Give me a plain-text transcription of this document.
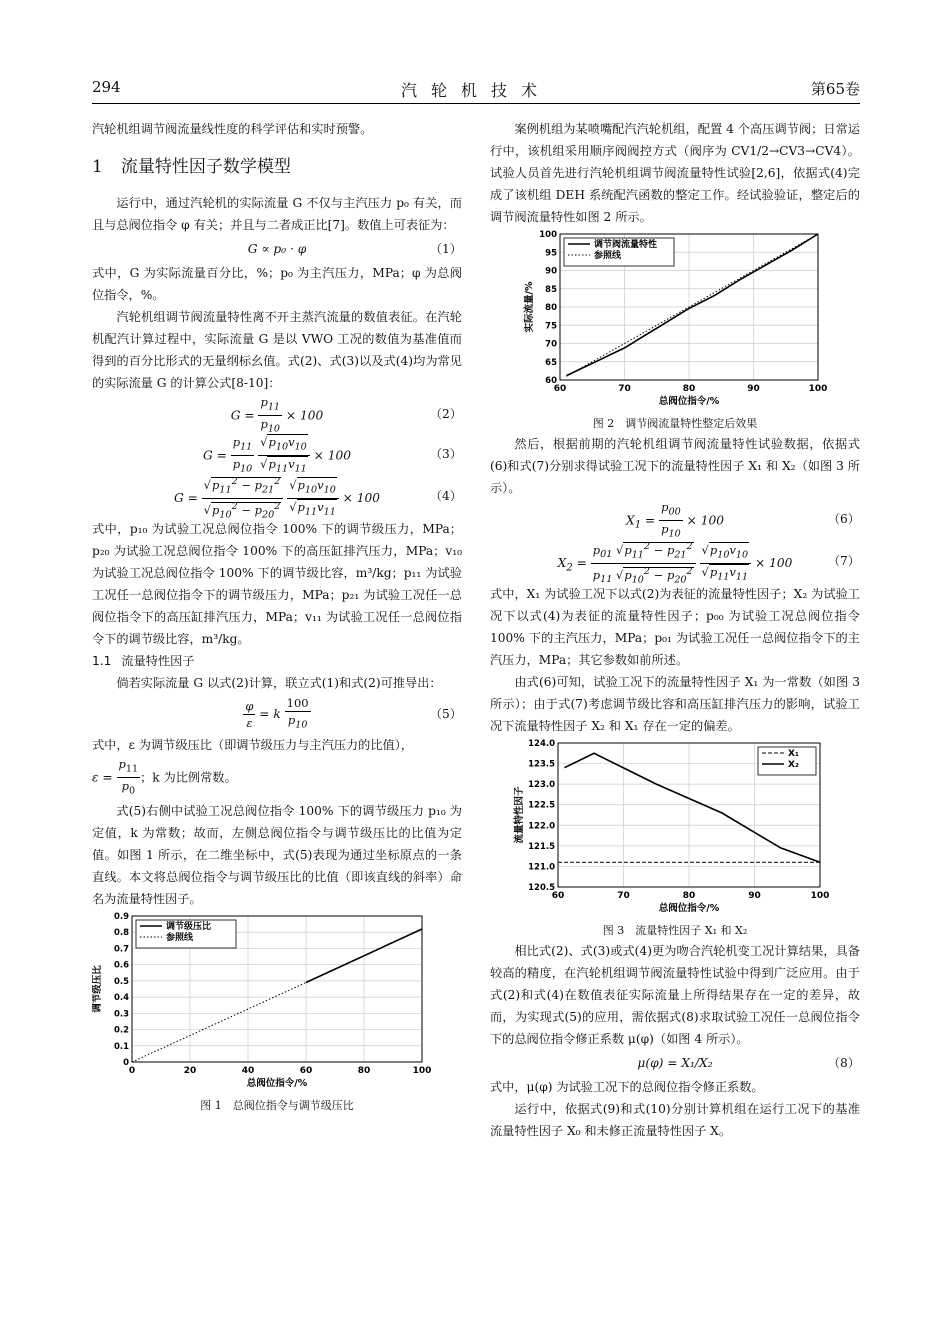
294	汽轮机技术	第65卷

汽轮机组调节阀流量线性度的科学评估和实时预警。

1 流量特性因子数学模型

运行中，通过汽轮机的实际流量 G 不仅与主汽压力 p₀ 有关，而且与总阀位指令 φ 有关；并且与二者成正比[7]。数值上可表征为：

G ∝ p₀ · φ	（1）

式中，G 为实际流量百分比，%；p₀ 为主汽压力，MPa；φ 为总阀位指令，%。

汽轮机组调节阀流量特性离不开主蒸汽流量的数值表征。在汽轮机配汽计算过程中，实际流量 G 是以 VWO 工况的数值为基准值而得到的百分比形式的无量纲标幺值。式(2)、式(3)以及式(4)均为常见的实际流量 G 的计算公式[8-10]：

$G = \frac{p_{11}}{p_{10}} \times 100$	（2）
$G = \frac{p_{11}}{p_{10}}$
$\frac{√p_{10}v_{10}}{√p_{11}v_{11}} \times 100$	（3）
$G = \frac{√p_{11}^2 - p_{21}^2}{√p_{10}^2 - p_{20}^2}$
$\frac{√p_{10}v_{10}}{√p_{11}v_{11}} \times 100$	（4）

式中，p₁₀ 为试验工况总阀位指令 100% 下的调节级压力，MPa；p₂₀ 为试验工况总阀位指令 100% 下的高压缸排汽压力，MPa；v₁₀ 为试验工况总阀位指令 100% 下的调节级比容，m³/kg；p₁₁ 为试验工况任一总阀位指令下的调节级压力，MPa；p₂₁ 为试验工况任一总阀位指令下的高压缸排汽压力，MPa；v₁₁ 为试验工况任一总阀位指令下的调节级比容，m³/kg。

1.1 流量特性因子

倘若实际流量 G 以式(2)计算，联立式(1)和式(2)可推导出：

$\frac{\varphi}{\varepsilon} = k \frac{100}{p_{10}}$	（5）

式中，ε 为调节级压比（即调节级压力与主汽压力的比值），

$\varepsilon = \frac{p_{11}}{p_0}$ ；k 为比例常数。

式(5)右侧中试验工况总阀位指令 100% 下的调节级压力 p₁₀ 为定值，k 为常数；故而，左侧总阀位指令与调节级压比的比值为定值。如图 1 所示，在二维坐标中，式(5)表现为通过坐标原点的一条直线。本文将总阀位指令与调节级压比的比值（即该直线的斜率）命名为流量特性因子。

0	20	40	60	80	100
0
0.1
0.2
0.3
0.4
0.5
0.6
0.7
0.8
0.9
调节级压比
参照线
总阀位指令/%
调节级压比
图 1　总阀位指令与调节级压比

案例机组为某喷嘴配汽汽轮机组，配置 4 个高压调节阀；日常运行中，该机组采用顺序阀阀控方式（阀序为 CV1/2→CV3→CV4）。试验人员首先进行汽轮机组调节阀流量特性试验[2,6]，依据式(4)完成了该机组 DEH 系统配汽函数的整定工作。经试验验证，整定后的调节阀流量特性如图 2 所示。

60	70	80	90	100
60
65
70
75
80
85
90
95
100
调节阀流量特性
参照线
总阀位指令/%
实际流量/%
图 2　调节阀流量特性整定后效果

然后，根据前期的汽轮机组调节阀流量特性试验数据，依据式(6)和式(7)分别求得试验工况下的流量特性因子 X₁ 和 X₂（如图 3 所示）。

$X_1 = \frac{p_{00}}{p_{10}} \times 100$	（6）
$X_2 = \frac{p_{01} √p_{11}^2 - p_{21}^2}{p_{11} √p_{10}^2 - p_{20}^2}$
$\frac{√p_{10}v_{10}}{√p_{11}v_{11}} \times 100$	（7）

式中，X₁ 为试验工况下以式(2)为表征的流量特性因子；X₂ 为试验工况下以式(4)为表征的流量特性因子；p₀₀ 为试验工况总阀位指令 100% 下的主汽压力，MPa；p₀₁ 为试验工况任一总阀位指令下的主汽压力，MPa；其它参数如前所述。

由式(6)可知，试验工况下的流量特性因子 X₁ 为一常数（如图 3 所示）；由于式(7)考虑调节级比容和高压缸排汽压力的影响，试验工况下流量特性因子 X₂ 和 X₁ 存在一定的偏差。

60	70	80	90	100
120.5
121.0
121.5
122.0
122.5
123.0
123.5
124.0
X₁
X₂
总阀位指令/%
流量特性因子
图 3　流量特性因子 X₁ 和 X₂

相比式(2)、式(3)或式(4)更为吻合汽轮机变工况计算结果，具备较高的精度，在汽轮机组调节阀流量特性试验中得到广泛应用。由于式(2)和式(4)在数值表征实际流量上所得结果存在一定的差异，故而，为实现式(5)的应用，需依据式(8)求取试验工况任一总阀位指令下的总阀位指令修正系数 μ(φ)（如图 4 所示）。

μ(φ) = X₁/X₂	（8）

式中，μ(φ) 为试验工况下的总阀位指令修正系数。

运行中，依据式(9)和式(10)分别计算机组在运行工况下的基准流量特性因子 X₀ 和未修正流量特性因子 X。
